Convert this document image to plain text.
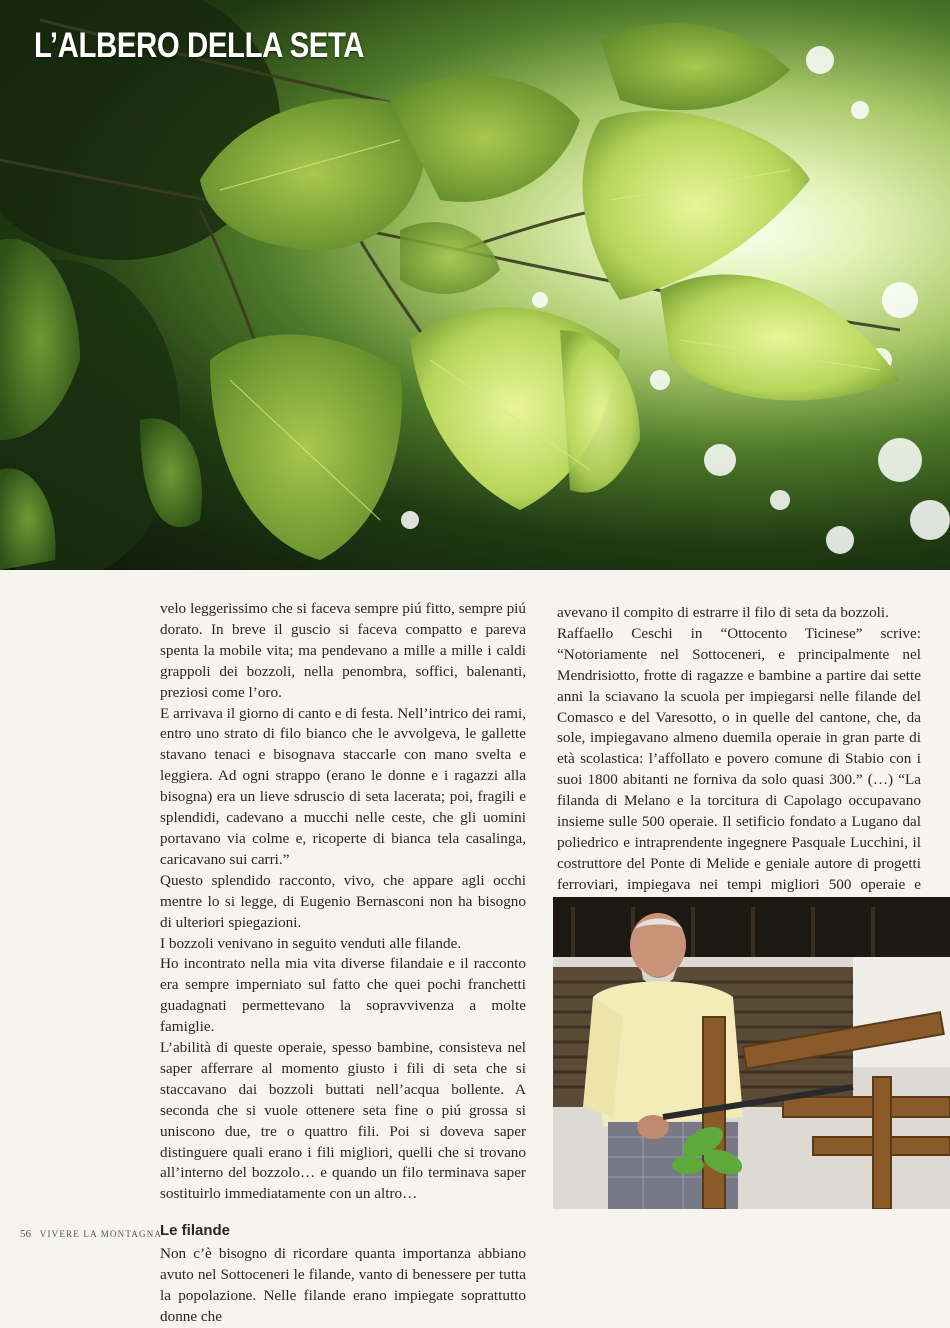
L’ALBERO DELLA SETA

velo leggerissimo che si faceva sempre piú fitto, sempre piú dorato. In breve il guscio si faceva compatto e pareva spenta la mobile vita; ma pendevano a mille a mille i caldi grappoli dei bozzoli, nella penombra, soffici, balenanti, preziosi come l’oro.

E arrivava il giorno di canto e di festa. Nell’intrico dei rami, entro uno strato di filo bianco che le avvolgeva, le gallette stavano tenaci e bisognava staccarle con mano svelta e leggiera. Ad ogni strappo (erano le donne e i ragazzi alla bisogna) era un lieve sdruscio di seta lacerata; poi, fragili e splendidi, cadevano a mucchi nelle ceste, che gli uomini portavano via colme e, ricoperte di bianca tela casalinga, caricavano sui carri.”

Questo splendido racconto, vivo, che appare agli occhi mentre lo si legge, di Eugenio Bernasconi non ha bisogno di ulteriori spiegazioni.

I bozzoli venivano in seguito venduti alle filande.

Ho incontrato nella mia vita diverse filandaie e il racconto era sempre imperniato sul fatto che quei pochi franchetti guadagnati permettevano la sopravvivenza a molte famiglie.

L’abilità di queste operaie, spesso bambine, consisteva nel saper afferrare al momento giusto i fili di seta che si staccavano dai bozzoli buttati nell’acqua bollente. A seconda che si vuole ottenere seta fine o piú grossa si uniscono due, tre o quattro fili. Poi si doveva saper distinguere quali erano i fili migliori, quelli che si trovano all’interno del bozzolo… e quando un filo terminava saper sostituirlo immediatamente con un altro…

Le filande

Non c’è bisogno di ricordare quanta importanza abbiano avuto nel Sottoceneri le filande, vanto di benessere per tutta la popolazione. Nelle filande erano impiegate soprattutto donne che

avevano il compito di estrarre il filo di seta da bozzoli.

Raffaello Ceschi in “Ottocento Ticinese” scrive: “Notoriamente nel Sottoceneri, e principalmente nel Mendrisiotto, frotte di ragazze e bambine a partire dai sette anni la sciavano la scuola per impiegarsi nelle filande del Comasco e del Varesotto, o in quelle del cantone, che, da sole, impiegavano almeno duemila operaie in gran parte di età scolastica: l’affollato e povero comune di Stabio con i suoi 1800 abitanti ne forniva da solo quasi 300.” (…) “La filanda di Melano e la torcitura di Capolago occupavano insieme sulle 500 operaie. Il setificio fondato a Lugano dal poliedrico e intraprendente ingegnere Pasquale Lucchini, il costruttore del Ponte di Melide e geniale autore di progetti ferroviari, impiegava nei tempi migliori 500 operaie e

56 VIVERE LA MONTAGNA
